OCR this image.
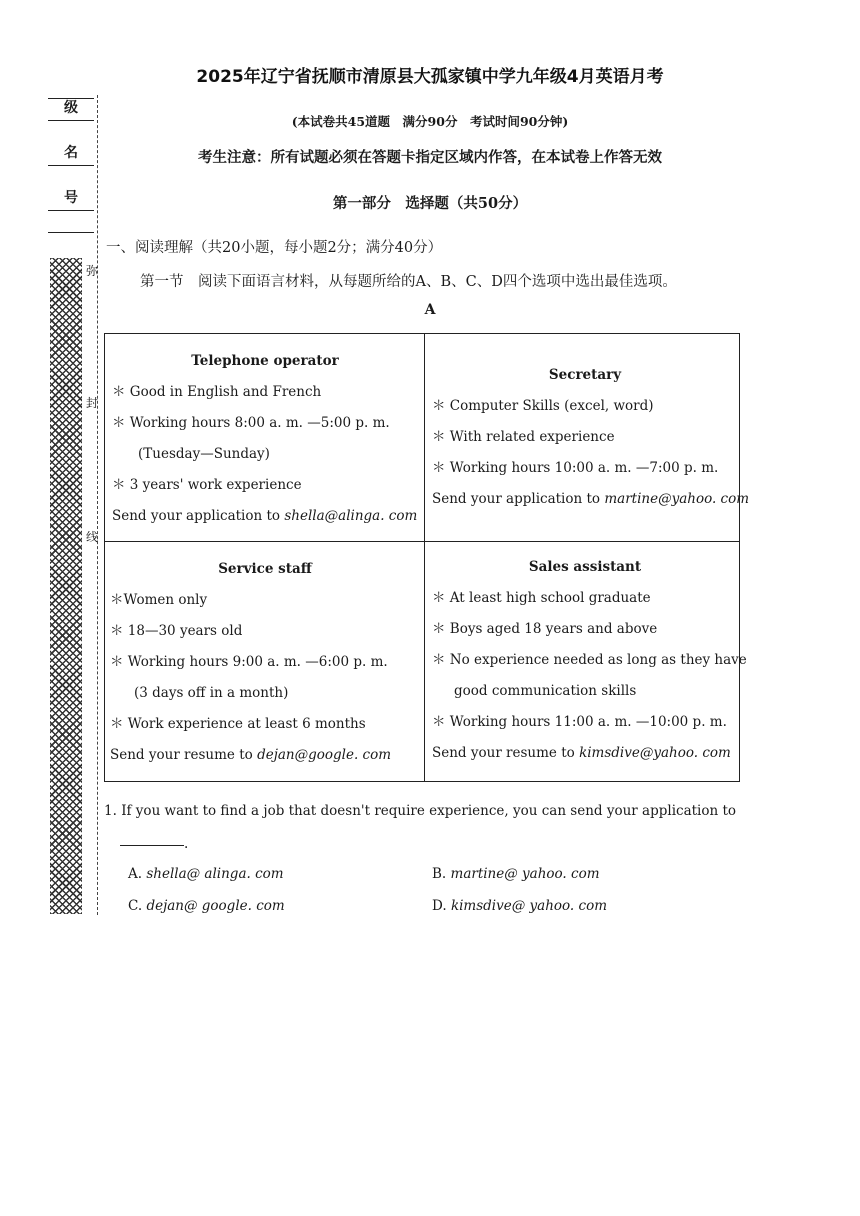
2025年辽宁省抚顺市清原县大孤家镇中学九年级4月英语月考
(本试卷共45道题　满分90分　考试时间90分钟)
考生注意：所有试题必须在答题卡指定区域内作答，在本试卷上作答无效
第一部分　选择题（共50分）
一、阅读理解（共20小题，每小题2分；满分40分）
第一节　阅读下面语言材料，从每题所给的A、B、C、D四个选项中选出最佳选项。
A
级
名
号
弥
封
线
Telephone operator
＊ Good in English and French
＊ Working hours 8:00 a. m. —5:00 p. m.
(Tuesday—Sunday)
＊ 3 years' work experience
Send your application to shella@alinga. com
Secretary
＊ Computer Skills (excel, word)
＊ With related experience
＊ Working hours 10:00 a. m. —7:00 p. m.
Send your application to martine@yahoo. com
Service staff
＊Women only
＊ 18—30 years old
＊ Working hours 9:00 a. m. —6:00 p. m.
(3 days off in a month)
＊ Work experience at least 6 months
Send your resume to dejan@google. com
Sales assistant
＊ At least high school graduate
＊ Boys aged 18 years and above
＊ No experience needed as long as they have
good communication skills
＊ Working hours 11:00 a. m. —10:00 p. m.
Send your resume to kimsdive@yahoo. com
1. If you want to find a job that doesn't require experience, you can send your application to
.
A. shella@ alinga. com	B. martine@ yahoo. com
C. dejan@ google. com	D. kimsdive@ yahoo. com
